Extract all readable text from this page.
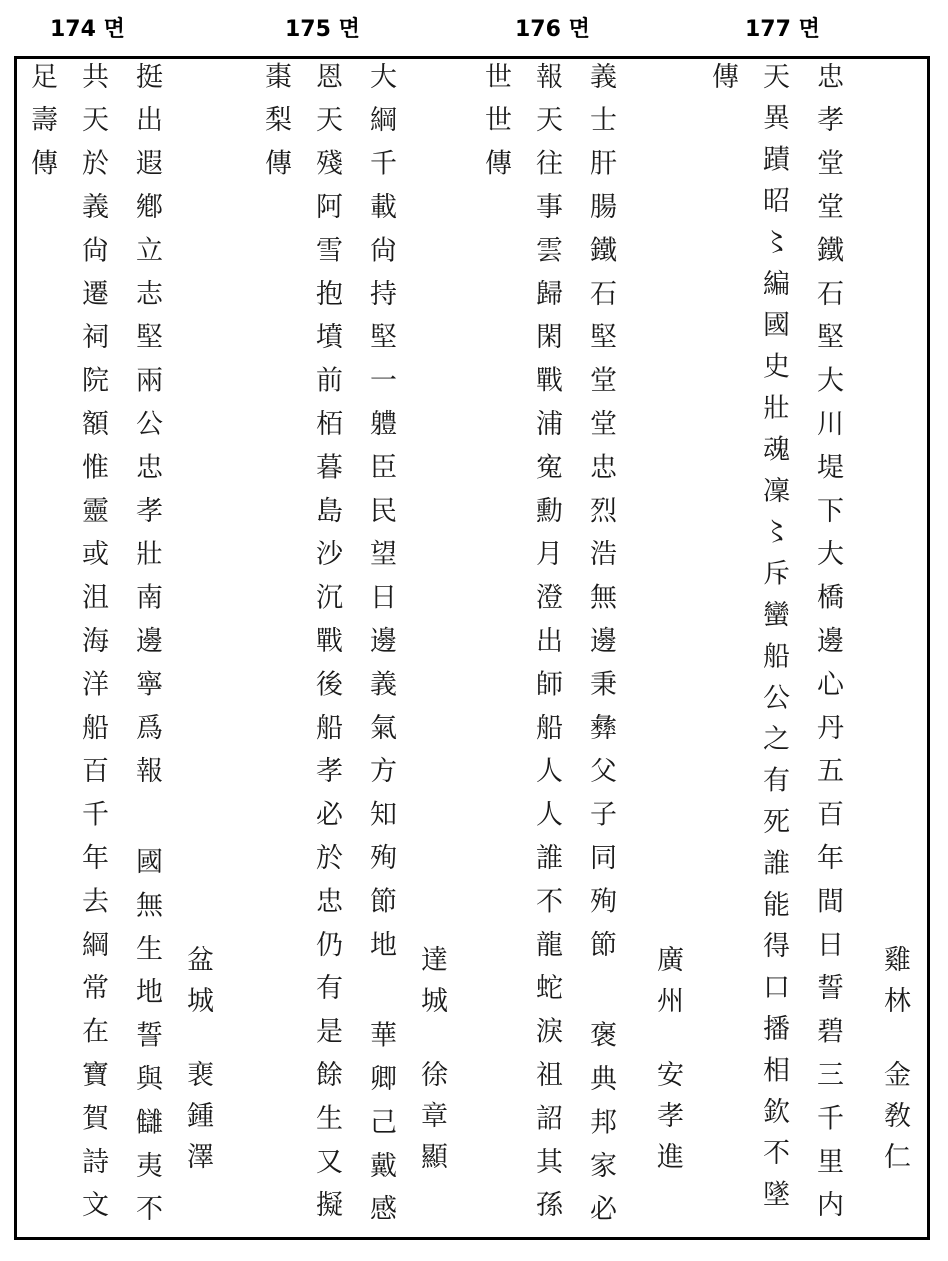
174 면	175 면	176 면	177 면
挺出遐鄕立志堅兩公忠孝壯南邊寧爲報 國無生地誓與讎夷不
共天於義尙遷祠院額惟靈或沮海洋船百千年去綱常在寶賀詩文
足壽傳
盆城
裵鍾澤	大綱千載尙持堅一軆臣民望日邊義氣方知殉節地 華卿己戴感
恩天殘阿雪抱墳前栢暮島沙沉戰後船孝必於忠仍有是餘生又擬
棗梨傳
達城
徐章顯	義士肝腸鐵石堅堂堂忠烈浩無邊秉彝父子同殉節 褒典邦家必
報天往事雲歸閑戰浦寃勳月澄出師船人人誰不龍蛇淚祖詔其孫
世世傳
廣州
安孝進	忠孝堂堂鐵石堅大川堤下大橋邊心丹五百年間日誓碧三千里内
天異蹟昭〻編國史壯魂凜〻斥蠻船公之有死誰能得口播相欽不墜
傳
雞林
金敎仁
